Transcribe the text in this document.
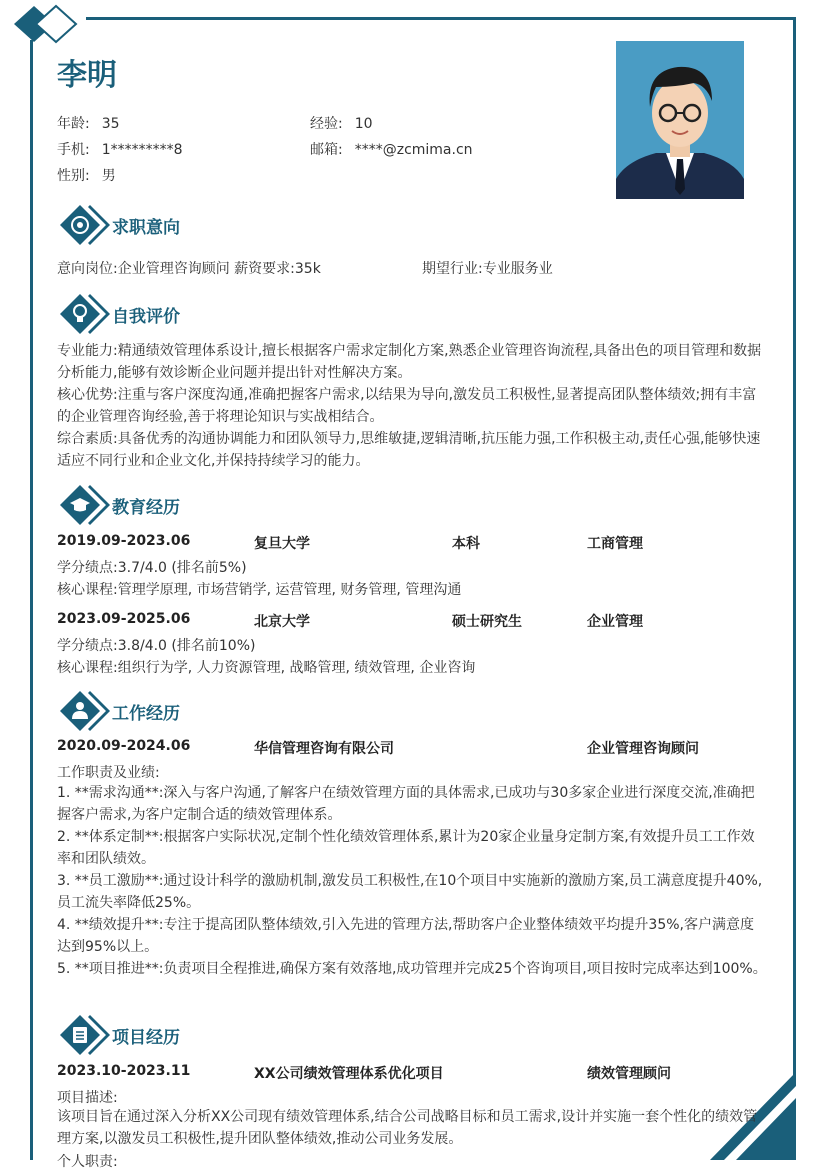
李明
年龄: 35	经验: 10
手机: 1*********8	邮箱: ****@zcmima.cn
性别: 男
求职意向
意向岗位:企业管理咨询顾问 薪资要求:35k	期望行业:专业服务业
自我评价
专业能力:精通绩效管理体系设计,擅长根据客户需求定制化方案,熟悉企业管理咨询流程,具备出色的项目管理和数据分析能力,能够有效诊断企业问题并提出针对性解决方案。
核心优势:注重与客户深度沟通,准确把握客户需求,以结果为导向,激发员工积极性,显著提高团队整体绩效;拥有丰富的企业管理咨询经验,善于将理论知识与实战相结合。
综合素质:具备优秀的沟通协调能力和团队领导力,思维敏捷,逻辑清晰,抗压能力强,工作积极主动,责任心强,能够快速适应不同行业和企业文化,并保持持续学习的能力。
教育经历
2019.09-2023.06	复旦大学	本科	工商管理
学分绩点:3.7/4.0 (排名前5%)
核心课程:管理学原理, 市场营销学, 运营管理, 财务管理, 管理沟通
2023.09-2025.06	北京大学	硕士研究生	企业管理
学分绩点:3.8/4.0 (排名前10%)
核心课程:组织行为学, 人力资源管理, 战略管理, 绩效管理, 企业咨询
工作经历
2020.09-2024.06	华信管理咨询有限公司	企业管理咨询顾问
工作职责及业绩:
1. **需求沟通**:深入与客户沟通,了解客户在绩效管理方面的具体需求,已成功与30多家企业进行深度交流,准确把握客户需求,为客户定制合适的绩效管理体系。
2. **体系定制**:根据客户实际状况,定制个性化绩效管理体系,累计为20家企业量身定制方案,有效提升员工工作效率和团队绩效。
3. **员工激励**:通过设计科学的激励机制,激发员工积极性,在10个项目中实施新的激励方案,员工满意度提升40%,员工流失率降低25%。
4. **绩效提升**:专注于提高团队整体绩效,引入先进的管理方法,帮助客户企业整体绩效平均提升35%,客户满意度达到95%以上。
5. **项目推进**:负责项目全程推进,确保方案有效落地,成功管理并完成25个咨询项目,项目按时完成率达到100%。
项目经历
2023.10-2023.11	XX公司绩效管理体系优化项目	绩效管理顾问
项目描述:
该项目旨在通过深入分析XX公司现有绩效管理体系,结合公司战略目标和员工需求,设计并实施一套个性化的绩效管理方案,以激发员工积极性,提升团队整体绩效,推动公司业务发展。
个人职责:
